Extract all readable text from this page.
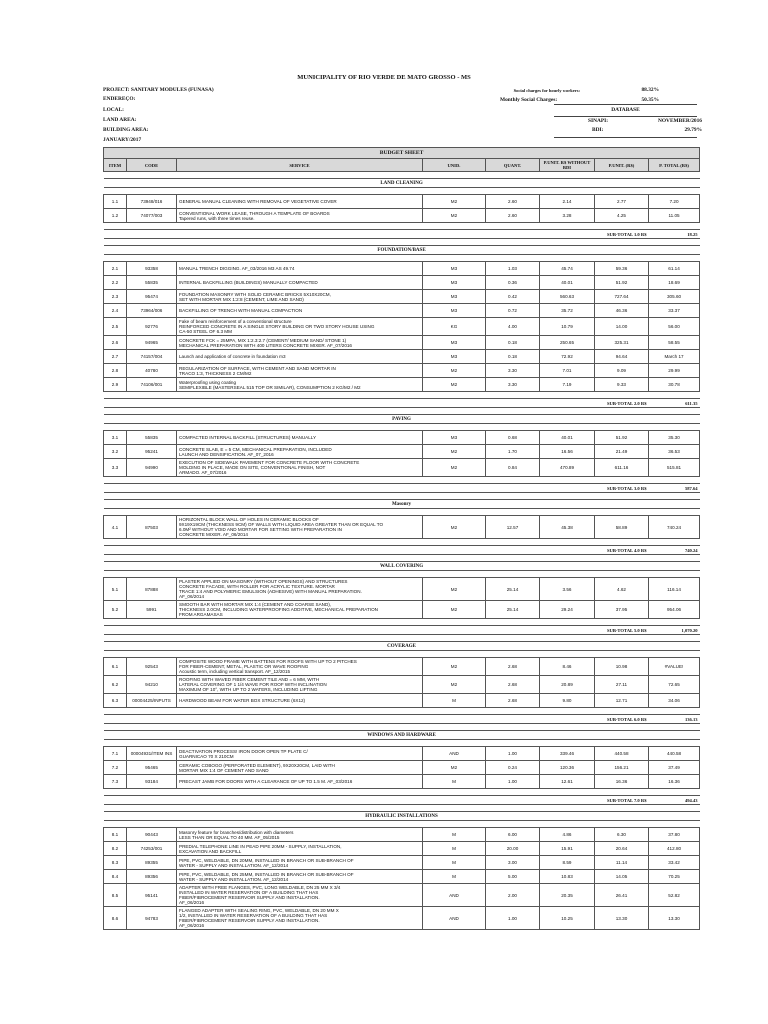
MUNICIPALITY OF RIO VERDE DE MATO GROSSO - MS
PROJECT: SANITARY MODULES (FUNASA)
ENDEREÇO:
LOCAL:
LAND AREA:
BUILDING AREA:
JANUARY/2017
Social charges for hourly workers:	88.32%
Monthly Social Charges:	50.35%
DATABASE
SINAPI:	NOVEMBER/2016
BDI:	29.79%
BUDGET SHEET							
ITEM	CODE	SERVICE	UNID.	QUANT.	P.UNIT. R$ WITHOUT BDI	P.UNIT. (R$)	P. TOTAL (R$)

LAND CLEANING							

1.1	73948/016	GENERAL MANUAL CLEANING WITH REMOVAL OF VEGETATIVE COVER	M2	2.60	2.14	2.77	7.20
1.2	74077/003	CONVENTIONAL WORK LEASE, THROUGH A TEMPLATE OF BOARDS
Tapered runs, with three times reuse.	M2	2.60	3.28	4.25	11.05

						SUB-TOTAL 1.0 R$	18.25

FOUNDATION/BASE							

2.1	93358	MANUAL TRENCH DIGGING. AF_03/2016 M3 AS 49.74	M3	1.03	45.74	59.36	61.14
2.2	55835	INTERNAL BACKFILLING (BUILDINGS) MANUALLY COMPACTED	M3	0.36	40.01	51.92	18.69
2.3	95474	FOUNDATION MASONRY WITH SOLID CERAMIC BRICKS 5X10X20CM,
SET WITH MORTAR MIX 1:2:8 (CEMENT, LIME AND SAND)	M3	0.42	560.63	727.64	305.60
2.4	73964/006	BACKFILLING OF TRENCH WITH MANUAL COMPACTION	M3	0.72	35.72	46.36	33.37
2.5	92776	Fake of beam reinforcement of a conventional structure
REINFORCED CONCRETE IN A SINGLE STORY BUILDING OR TWO STORY HOUSE USING
CA-50 STEEL OF 6.3 MM	KG	4.00	10.79	14.00	56.00
2.6	94965	CONCRETE FCK = 25MPA, MIX 1:2.3:2.7 (CEMENT/ MEDIUM SAND/ STONE 1)
MECHANICAL PREPARATION WITH 400 LITERS CONCRETE MIXER. AF_07/2016	M3	0.18	250.65	325.31	58.55
2.7	74157/004	Launch and application of concrete in foundation m3	M3	0.18	72.92	94.64	March 17
2.8	40780	REGULARIZATION OF SURFACE, WITH CEMENT AND SAND MORTAR IN
TRACO 1:3, THICKNESS 2 CM/M2	M2	3.30	7.01	9.09	29.99
2.9	74106/001	Waterproofing using coating
SEMIFLEXIBLE (MASTERSEAL 515 TOP OR SIMILAR), CONSUMPTION 2 KG/M2 / M2	M2	3.30	7.19	9.33	30.78

						SUB-TOTAL 2.0 R$	611.35

PAVING							

3.1	55835	COMPACTED INTERNAL BACKFILL (STRUCTURES) MANUALLY	M3	0.68	40.01	51.92	35.30
3.2	95241	CONCRETE SLAB, E = 5 CM, MECHANICAL PREPARATION, INCLUDED
LAUNCH AND DENSIFICATION. AF_07_2016	M2	1.70	16.56	21.49	36.53
3.3	94990	EXECUTION OF SIDEWALK PAVEMENT FOR CONCRETE FLOOR WITH CONCRETE
MOLDING IN PLACE, MADE ON SITE, CONVENTIONAL FINISH, NOT
ARMADO. AF_07/2016	M2	0.84	470.89	611.16	515.81

						SUB-TOTAL 3.0 R$	587.64

Masonry							

4.1	87503	HORIZONTAL BLOCK WALL OF HOLES IN CERAMIC BLOCKS OF
9X19X19CM (THICKNESS 9CM) OF WALLS WITH LIQUID AREA GREATER THAN OR EQUAL TO
6.0M² WITHOUT VOID AND MORTAR FOR SETTING WITH PREPARATION IN
CONCRETE MIXER. AF_06/2014	M2	12.57	45.38	58.89	740.24

						SUB-TOTAL 4.0 R$	740.24

WALL COVERING							

5.1	87888	PLASTER APPLIED ON MASONRY (WITHOUT OPENINGS) AND STRUCTURES
CONCRETE FACADE, WITH ROLLER FOR ACRYLIC TEXTURE. MORTAR
TRACE 1:4 AND POLYMERIC EMULSION (ADHESIVE) WITH MANUAL PREPARATION.
AF_06/2014	M2	25.14	3.56	4.62	116.14
5.2	5991	SMOOTH BAR WITH MORTAR MIX 1:4 (CEMENT AND COARSE SAND),
THICKNESS 2.0CM, INCLUDING WATERPROOFING ADDITIVE, MECHANICAL PREPARATION
FROM ARGAMASAS	M2	25.14	29.24	37.95	954.06

						SUB-TOTAL 5.0 R$	1,070.20

COVERAGE							

6.1	92543	COMPOSITE WOOD FRAME WITH BATTENS FOR ROOFS WITH UP TO 2 PITCHES
FOR FIBER-CEMENT, METAL, PLASTIC OR WAVE ROOFING
Acoustic term, including vertical transport. AF_12/2015	M2	2.68	8.46	10.98	#VALUE!
6.2	94210	ROOFING WITH WAVED FIBER CEMENT TILE AND = 6 MM, WITH
LATERAL COVERING OF 1 1/4 WAVE FOR ROOF WITH INCLINATION
MAXIMUM OF 10°, WITH UP TO 2 WATERS, INCLUDING LIFTING	M2	2.68	20.89	27.11	72.65
6.3	00004425/INPUTS	HARDWOOD BEAM FOR WATER BOX STRUCTURE (6X12)	M	2.68	9.80	12.71	34.06

						SUB-TOTAL 6.0 R$	136.13

WINDOWS AND HARDWARE							

7.1	00004931/ITEM INS	DEACTIVATION PROCESS! IRON DOOR OPEN TP PLATE C/
GUARNICAO 70 X 210CM	AND	1.00	339.46	440.58	440.58
7.2	95465	CERAMIC COBOGO (PERFORATED ELEMENT), 9X20X20CM, LAID WITH
MORTAR MIX 1:4 OF CEMENT AND SAND	M2	0.24	120.36	156.21	37.49
7.3	93184	PRECAST JAMB FOR DOORS WITH A CLEARANCE OF UP TO 1.5 M. AF_03/2016	M	1.00	12.61	16.36	16.36

						SUB-TOTAL 7.0 R$	494.43

HYDRAULIC INSTALLATIONS							

8.1	90443	Masonry feature for branches/distribution with diameters
LESS THAN OR EQUAL TO 40 MM. AF_05/2015	M	6.00	4.86	6.30	37.80
8.2	74253/001	PREDIAL TELEPHONE LINE IN PEAD PIPE 20MM - SUPPLY, INSTALLATION,
EXCAVATION AND BACKFILL	M	20.00	15.91	20.64	412.80
8.3	89355	PIPE, PVC, WELDABLE, DN 20MM, INSTALLED IN BRANCH OR SUB-BRANCH OF
WATER - SUPPLY AND INSTALLATION. AF_12/2014	M	3.00	8.59	11.14	33.42
8.4	89356	PIPE, PVC, WELDABLE, DN 25MM, INSTALLED IN BRANCH OR SUB-BRANCH OF
WATER - SUPPLY AND INSTALLATION. AF_12/2014	M	5.00	10.83	14.05	70.25
8.5	95141	ADAPTER WITH FREE FLANGES, PVC, LONG WELDABLE, DN 25 MM X 3/4
INSTALLED IN WATER RESERVATION OF A BUILDING THAT HAS
FIBER/FIBROCEMENT RESERVOIR SUPPLY AND INSTALLATION.
AF_06/2016	AND	2.00	20.35	26.41	52.82
8.6	94783	FLANGED ADAPTER WITH SEALING RING, PVC, WELDABLE, DN 20 MM X
1/2, INSTALLED IN WATER RESERVATION OF A BUILDING THAT HAS
FIBER/FIBROCEMENT RESERVOIR SUPPLY AND INSTALLATION.
AF_06/2016	AND	1.00	10.25	13.30	13.30
